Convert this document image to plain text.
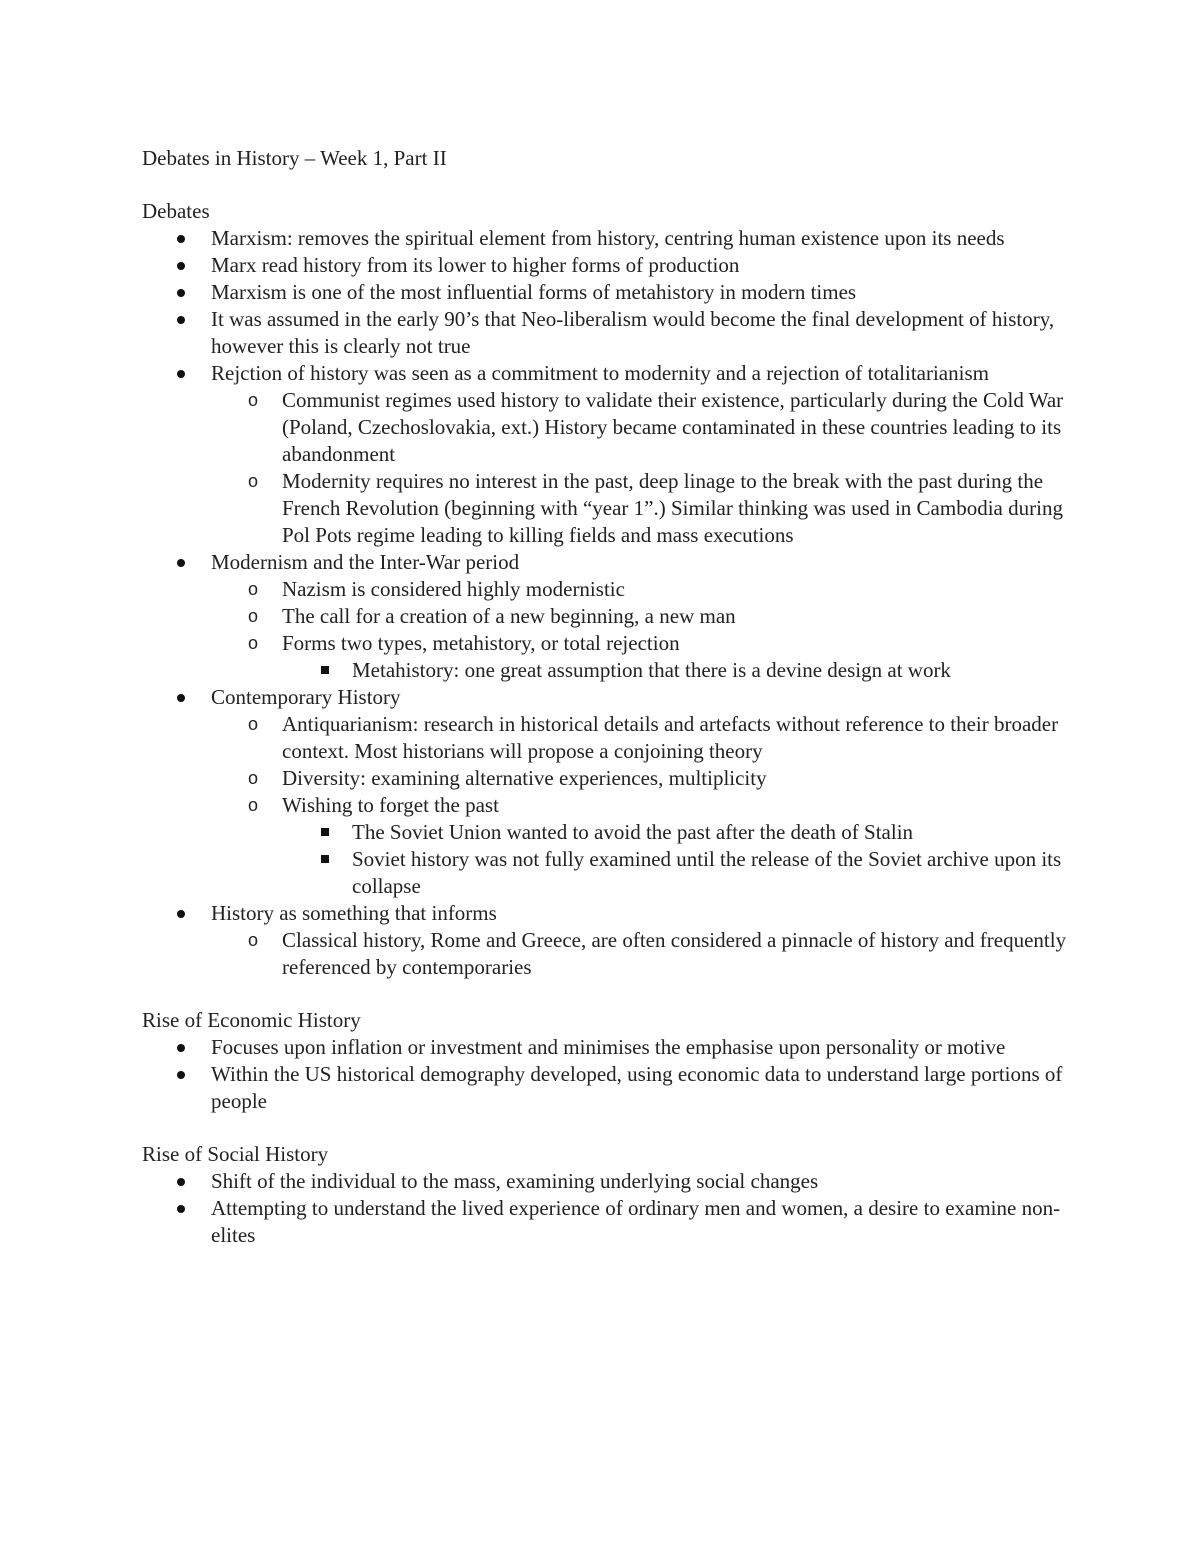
Debates in History – Week 1, Part II
Debates
Marxism: removes the spiritual element from history, centring human existence upon its needs
Marx read history from its lower to higher forms of production
Marxism is one of the most influential forms of metahistory in modern times
It was assumed in the early 90’s that Neo-liberalism would become the final development of history, however this is clearly not true
Rejction of history was seen as a commitment to modernity and a rejection of totalitarianism
o Communist regimes used history to validate their existence, particularly during the Cold War (Poland, Czechoslovakia, ext.) History became contaminated in these countries leading to its abandonment
o Modernity requires no interest in the past, deep linage to the break with the past during the French Revolution (beginning with “year 1”.) Similar thinking was used in Cambodia during Pol Pots regime leading to killing fields and mass executions
Modernism and the Inter-War period
o Nazism is considered highly modernistic
o The call for a creation of a new beginning, a new man
o Forms two types, metahistory, or total rejection
Metahistory: one great assumption that there is a devine design at work
Contemporary History
o Antiquarianism: research in historical details and artefacts without reference to their broader context. Most historians will propose a conjoining theory
o Diversity: examining alternative experiences, multiplicity
o Wishing to forget the past
The Soviet Union wanted to avoid the past after the death of Stalin
Soviet history was not fully examined until the release of the Soviet archive upon its collapse
History as something that informs
o Classical history, Rome and Greece, are often considered a pinnacle of history and frequently referenced by contemporaries
Rise of Economic History
Focuses upon inflation or investment and minimises the emphasise upon personality or motive
Within the US historical demography developed, using economic data to understand large portions of people
Rise of Social History
Shift of the individual to the mass, examining underlying social changes
Attempting to understand the lived experience of ordinary men and women, a desire to examine non-elites
